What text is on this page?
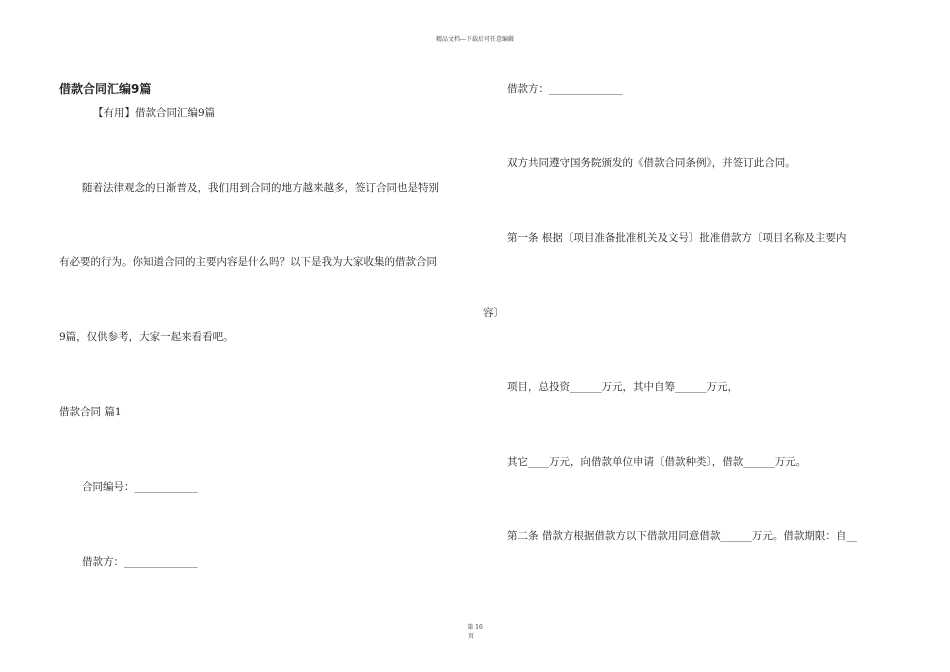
精品文档---下载后可任意编辑
借款合同汇编9篇
【有用】借款合同汇编9篇
随着法律观念的日渐普及，我们用到合同的地方越来越多，签订合同也是特别
有必要的行为。你知道合同的主要内容是什么吗？以下是我为大家收集的借款合同
9篇，仅供参考，大家一起来看看吧。
借款合同 篇1
合同编号：____________
借款方：______________
借款方：______________
双方共同遵守国务院颁发的《借款合同条例》，并签订此合同。
第一条 根据〔项目准备批准机关及文号〕批准借款方〔项目名称及主要内
容〕
项目，总投资______万元，其中自筹______万元，
其它____万元，向借款单位申请〔借款种类〕，借款______万元。
第二条 借款方根据借款方以下借款用同意借款______万元。借款期限：自__
第 16
页
